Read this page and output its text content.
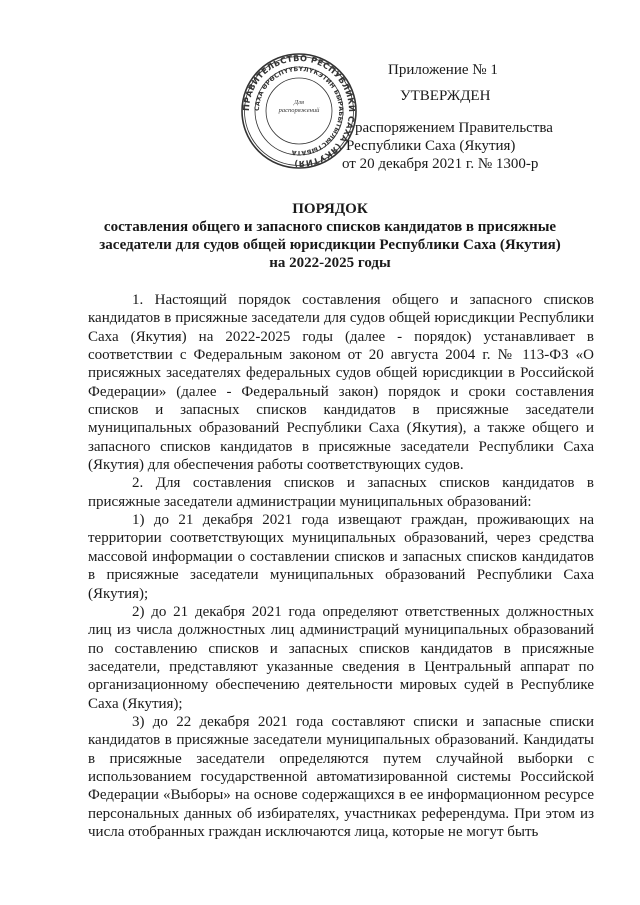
ПРАВИТЕЛЬСТВО РЕСПУБЛИКИ САХА (ЯКУТИЯ)
САХА ӨРӨСПҮҮБҮЛҮКЭТИН БЫРАБЫТЫЛЫСТЫБАТА
Для
распоряжений
Приложение № 1
УТВЕРЖДЕН
распоряжением Правительства
Республики Саха (Якутия)
от 20 декабря 2021 г. № 1300-р
ПОРЯДОК
составления общего и запасного списков кандидатов в присяжные
заседатели для судов общей юрисдикции Республики Саха (Якутия)
на 2022-2025 годы

1. Настоящий порядок составления общего и запасного списков кандидатов в присяжные заседатели для судов общей юрисдикции Республики Саха (Якутия) на 2022-2025 годы (далее - порядок) устанавливает в соответствии с Федеральным законом от 20 августа 2004 г. № 113-ФЗ «О присяжных заседателях федеральных судов общей юрисдикции в Российской Федерации» (далее - Федеральный закон) порядок и сроки составления списков и запасных списков кандидатов в присяжные заседатели муниципальных образований Республики Саха (Якутия), а также общего и запасного списков кандидатов в присяжные заседатели Республики Саха (Якутия) для обеспечения работы соответствующих судов.

2. Для составления списков и запасных списков кандидатов в присяжные заседатели администрации муниципальных образований:

1) до 21 декабря 2021 года извещают граждан, проживающих на территории соответствующих муниципальных образований, через средства массовой информации о составлении списков и запасных списков кандидатов в присяжные заседатели муниципальных образований Республики Саха (Якутия);

2) до 21 декабря 2021 года определяют ответственных должностных лиц из числа должностных лиц администраций муниципальных образований по составлению списков и запасных списков кандидатов в присяжные заседатели, представляют указанные сведения в Центральный аппарат по организационному обеспечению деятельности мировых судей в Республике Саха (Якутия);

3) до 22 декабря 2021 года составляют списки и запасные списки кандидатов в присяжные заседатели муниципальных образований. Кандидаты в присяжные заседатели определяются путем случайной выборки с использованием государственной автоматизированной системы Российской Федерации «Выборы» на основе содержащихся в ее информационном ресурсе персональных данных об избирателях, участниках референдума. При этом из числа отобранных граждан исключаются лица, которые не могут быть
